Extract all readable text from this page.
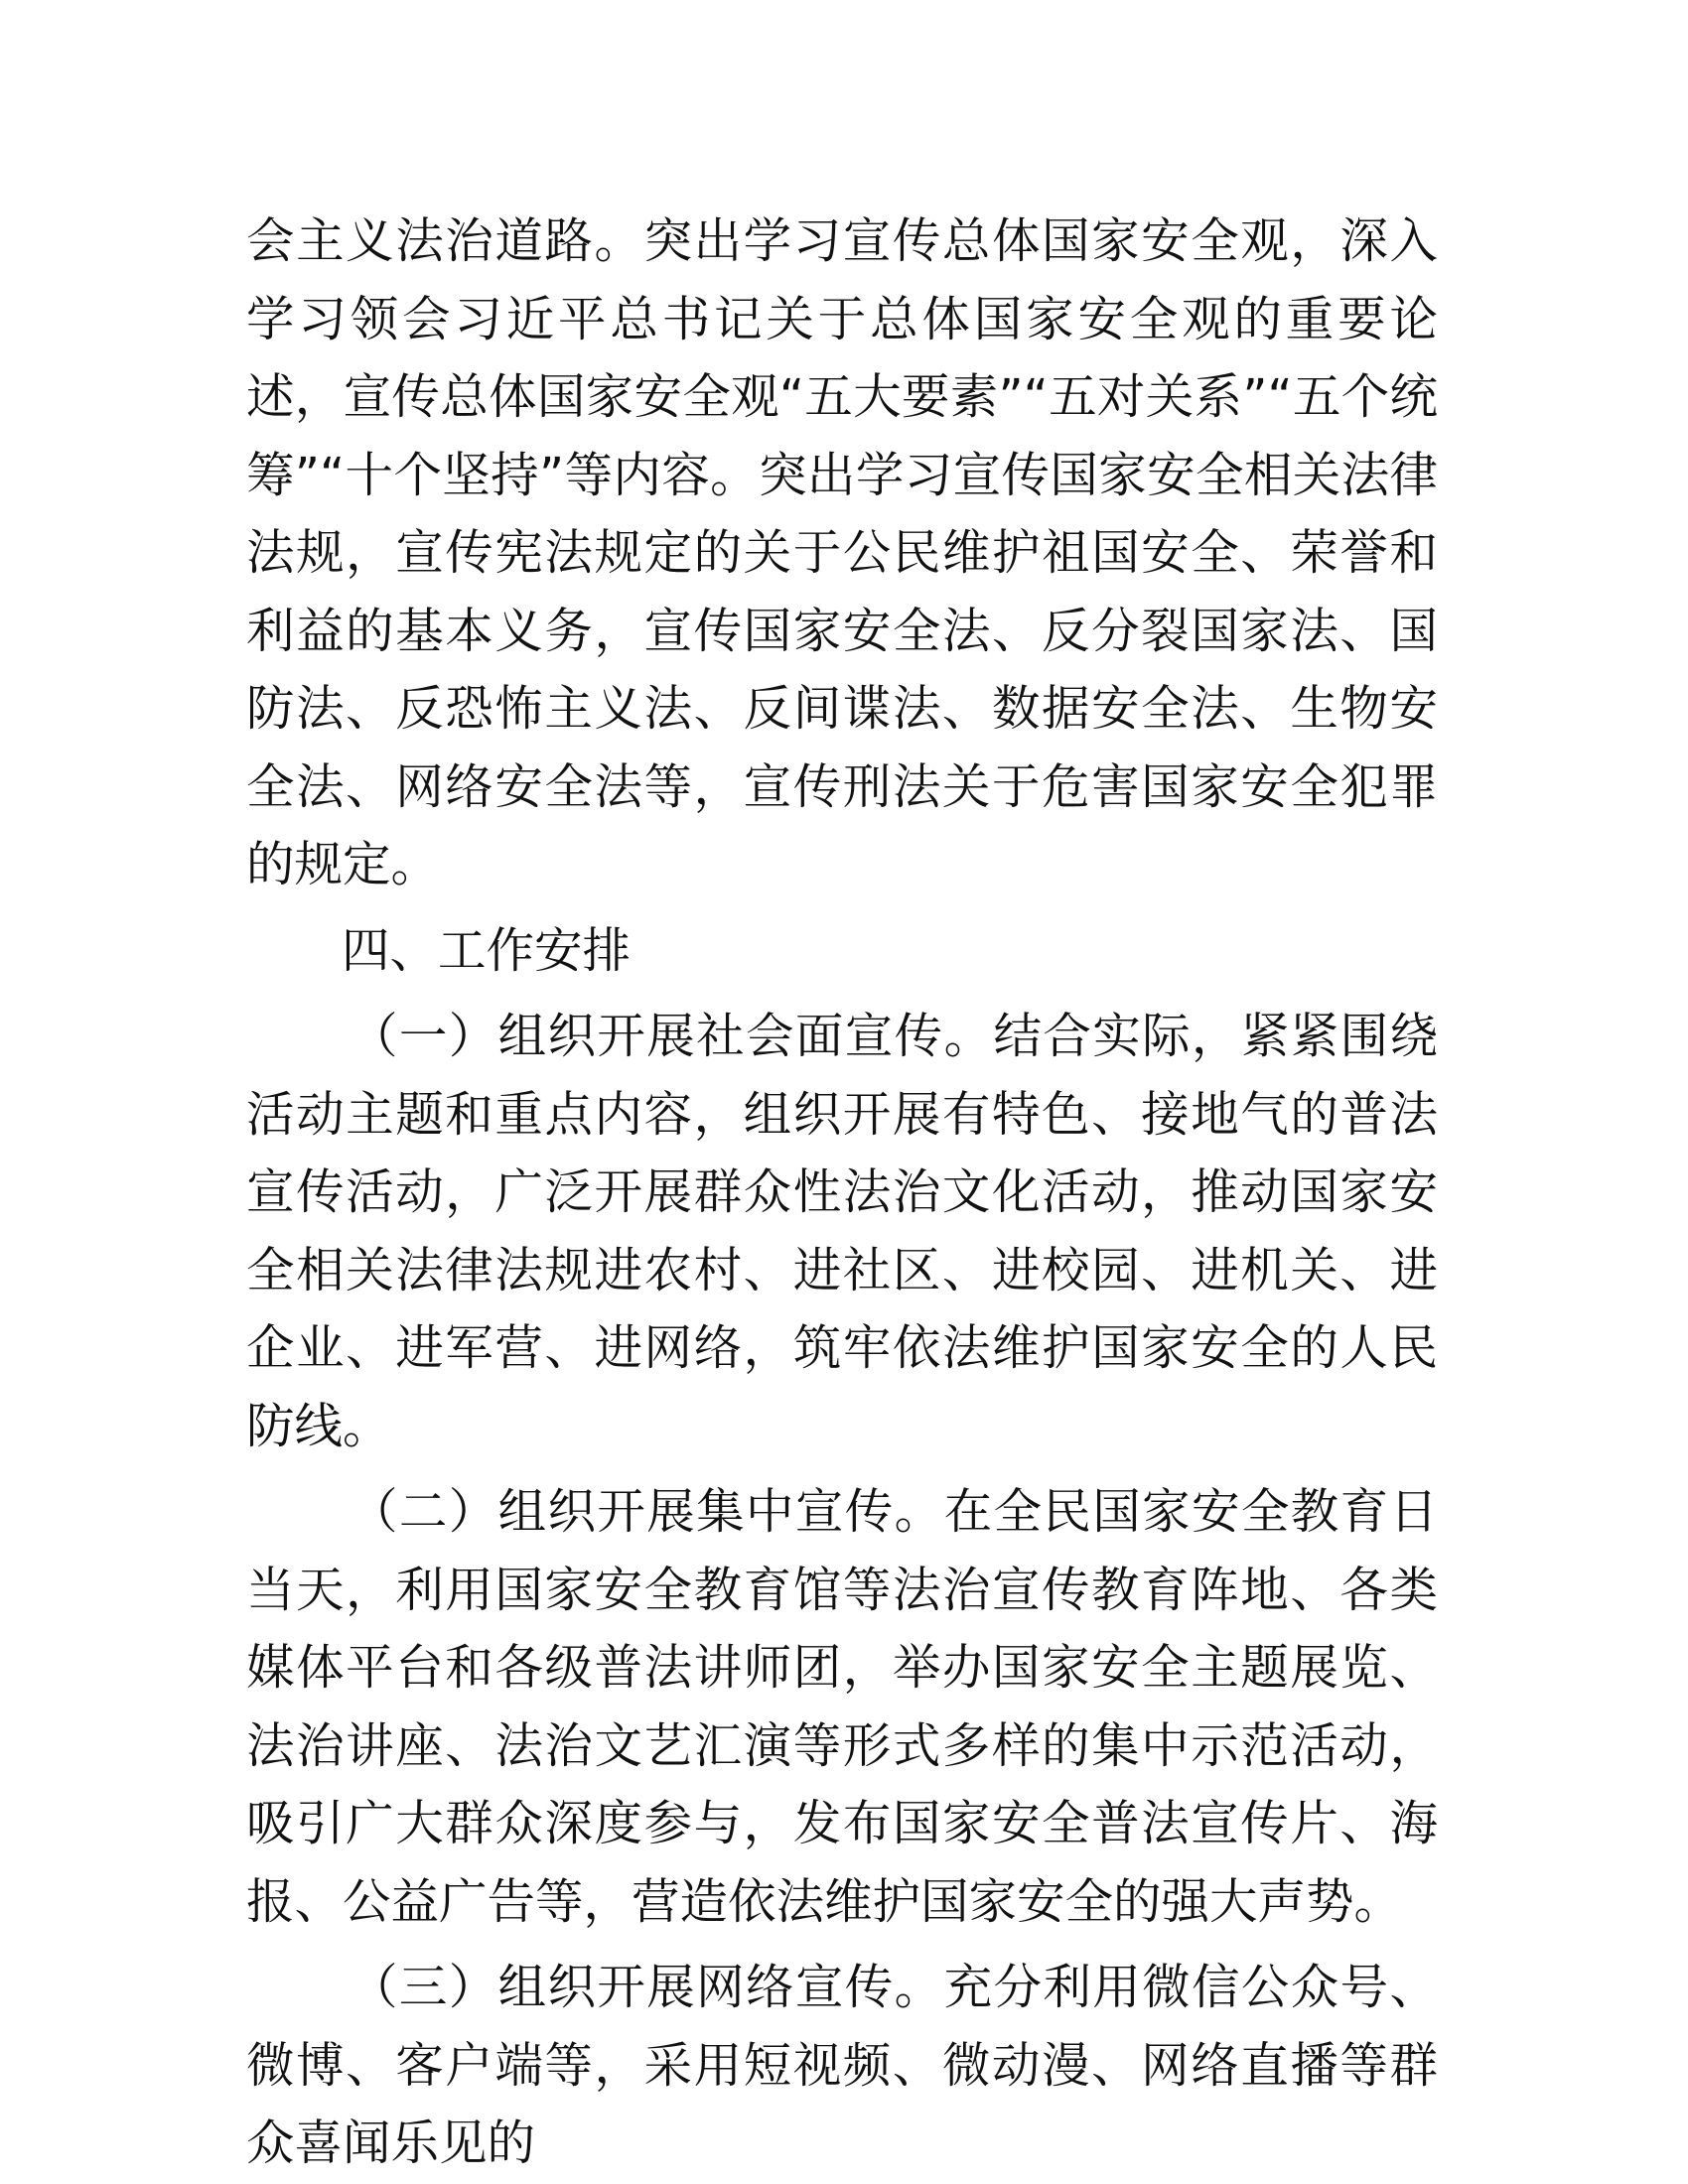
会主义法治道路。突出学习宣传总体国家安全观，深入学习领会习近平总书记关于总体国家安全观的重要论述，宣传总体国家安全观“五大要素”“五对关系”“五个统筹”“十个坚持”等内容。突出学习宣传国家安全相关法律法规，宣传宪法规定的关于公民维护祖国安全、荣誉和利益的基本义务，宣传国家安全法、反分裂国家法、国防法、反恐怖主义法、反间谍法、数据安全法、生物安全法、网络安全法等，宣传刑法关于危害国家安全犯罪的规定。

四、工作安排

（一）组织开展社会面宣传。结合实际，紧紧围绕活动主题和重点内容，组织开展有特色、接地气的普法宣传活动，广泛开展群众性法治文化活动，推动国家安全相关法律法规进农村、进社区、进校园、进机关、进企业、进军营、进网络，筑牢依法维护国家安全的人民防线。

（二）组织开展集中宣传。在全民国家安全教育日当天，利用国家安全教育馆等法治宣传教育阵地、各类媒体平台和各级普法讲师团，举办国家安全主题展览、法治讲座、法治文艺汇演等形式多样的集中示范活动，吸引广大群众深度参与，发布国家安全普法宣传片、海报、公益广告等，营造依法维护国家安全的强大声势。

（三）组织开展网络宣传。充分利用微信公众号、微博、客户端等，采用短视频、微动漫、网络直播等群众喜闻乐见的
